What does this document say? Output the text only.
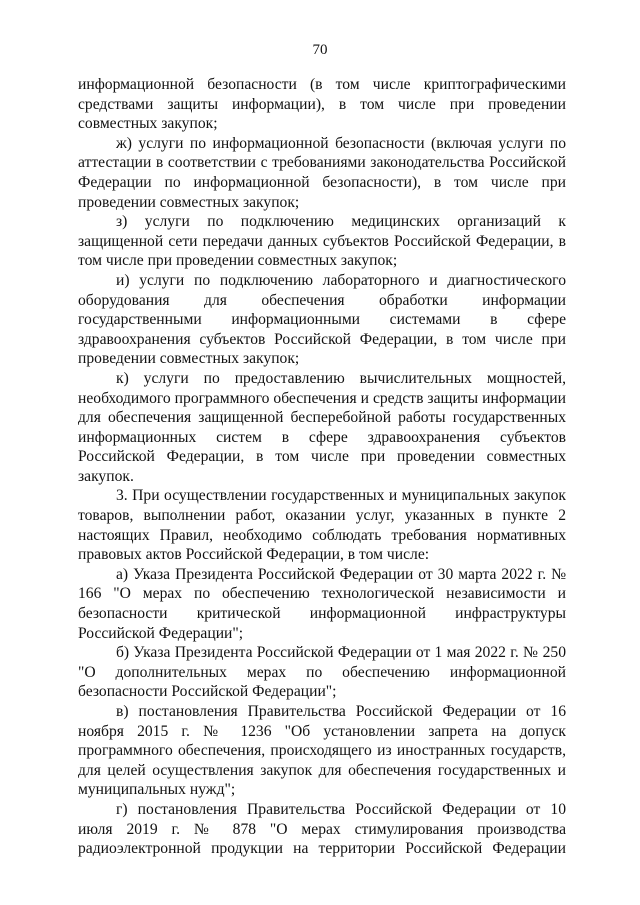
70

информационной безопасности (в том числе криптографическими средствами защиты информации), в том числе при проведении совместных закупок;

ж) услуги по информационной безопасности (включая услуги по аттестации в соответствии с требованиями законодательства Российской Федерации по информационной безопасности), в том числе при проведении совместных закупок;

з) услуги по подключению медицинских организаций к защищенной сети передачи данных субъектов Российской Федерации, в том числе при проведении совместных закупок;

и) услуги по подключению лабораторного и диагностического оборудования для обеспечения обработки информации государственными информационными системами в сфере здравоохранения субъектов Российской Федерации, в том числе при проведении совместных закупок;

к) услуги по предоставлению вычислительных мощностей, необходимого программного обеспечения и средств защиты информации для обеспечения защищенной бесперебойной работы государственных информационных систем в сфере здравоохранения субъектов Российской Федерации, в том числе при проведении совместных закупок.

3. При осуществлении государственных и муниципальных закупок товаров, выполнении работ, оказании услуг, указанных в пункте 2 настоящих Правил, необходимо соблюдать требования нормативных правовых актов Российской Федерации, в том числе:

а) Указа Президента Российской Федерации от 30 марта 2022 г. № 166 "О мерах по обеспечению технологической независимости и безопасности критической информационной инфраструктуры Российской Федерации";

б) Указа Президента Российской Федерации от 1 мая 2022 г. № 250 "О дополнительных мерах по обеспечению информационной безопасности Российской Федерации";

в) постановления Правительства Российской Федерации от 16 ноября 2015 г. № 1236 "Об установлении запрета на допуск программного обеспечения, происходящего из иностранных государств, для целей осуществления закупок для обеспечения государственных и муниципальных нужд";

г) постановления Правительства Российской Федерации от 10 июля 2019 г. № 878 "О мерах стимулирования производства радиоэлектронной продукции на территории Российской Федерации
